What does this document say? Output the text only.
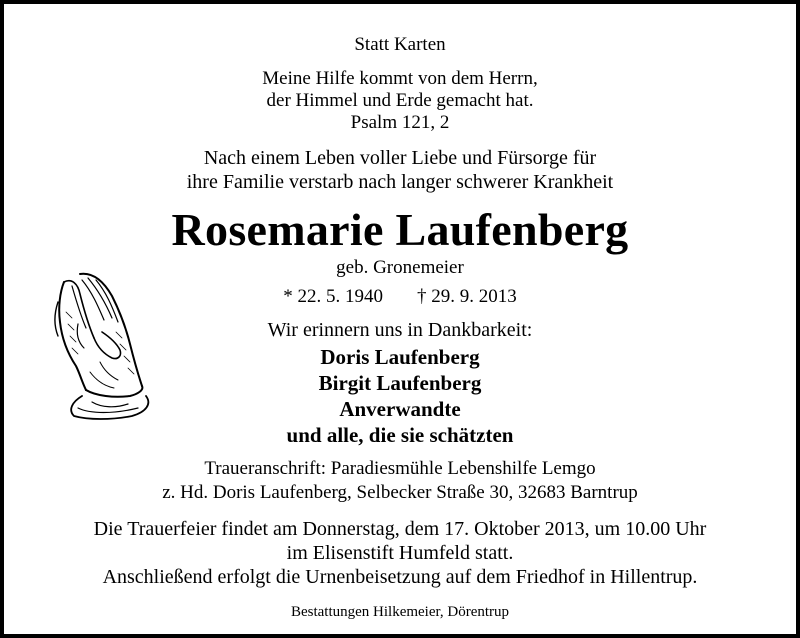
Statt Karten
Meine Hilfe kommt von dem Herrn,
der Himmel und Erde gemacht hat.
Psalm 121, 2
Nach einem Leben voller Liebe und Fürsorge für
ihre Familie verstarb nach langer schwerer Krankheit
Rosemarie Laufenberg
geb. Gronemeier
* 22. 5. 1940 † 29. 9. 2013
Wir erinnern uns in Dankbarkeit:
Doris Laufenberg
Birgit Laufenberg
Anverwandte
und alle, die sie schätzten
Traueranschrift: Paradiesmühle Lebenshilfe Lemgo
z. Hd. Doris Laufenberg, Selbecker Straße 30, 32683 Barntrup
Die Trauerfeier findet am Donnerstag, dem 17. Oktober 2013, um 10.00 Uhr
im Elisenstift Humfeld statt.
Anschließend erfolgt die Urnenbeisetzung auf dem Friedhof in Hillentrup.
Bestattungen Hilkemeier, Dörentrup
